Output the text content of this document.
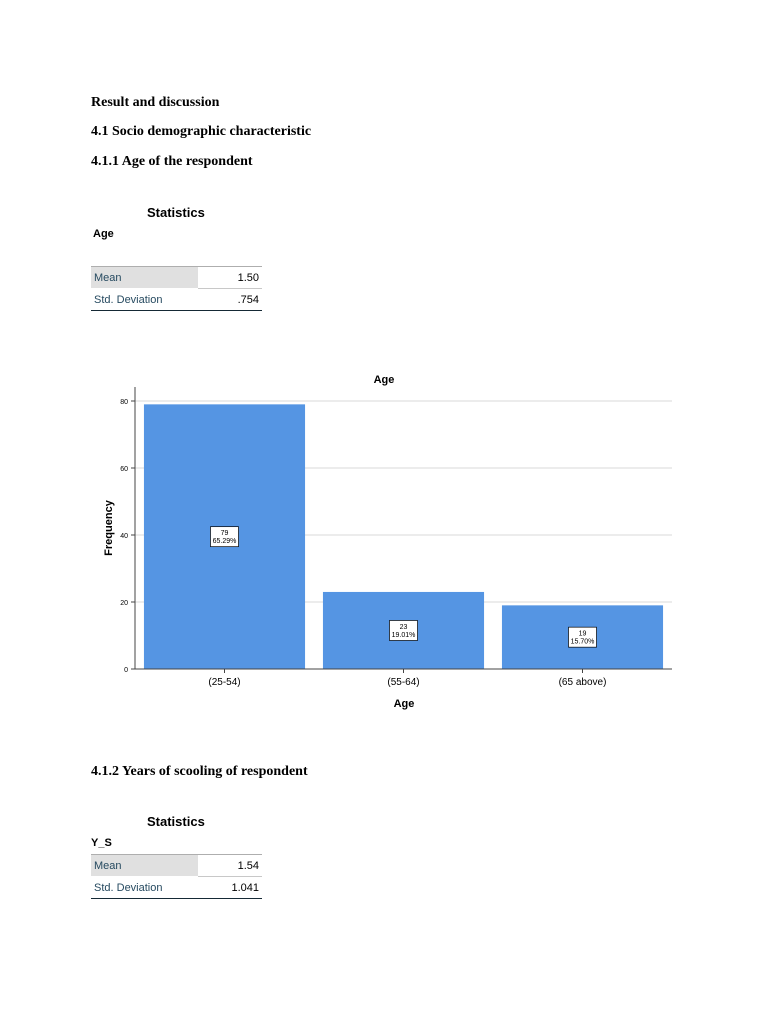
Result and discussion
4.1 Socio demographic characteristic
4.1.1 Age of the respondent
Statistics
Age
Mean	1.50
Std. Deviation	.754
Age
0
20
40
60
80
(25-54)	(55-64)	(65 above)
79
65.29%
23
19.01%	19
15.70%
Age
Frequency
4.1.2 Years of scooling of respondent
Statistics
Y_S
Mean	1.54
Std. Deviation	1.041
